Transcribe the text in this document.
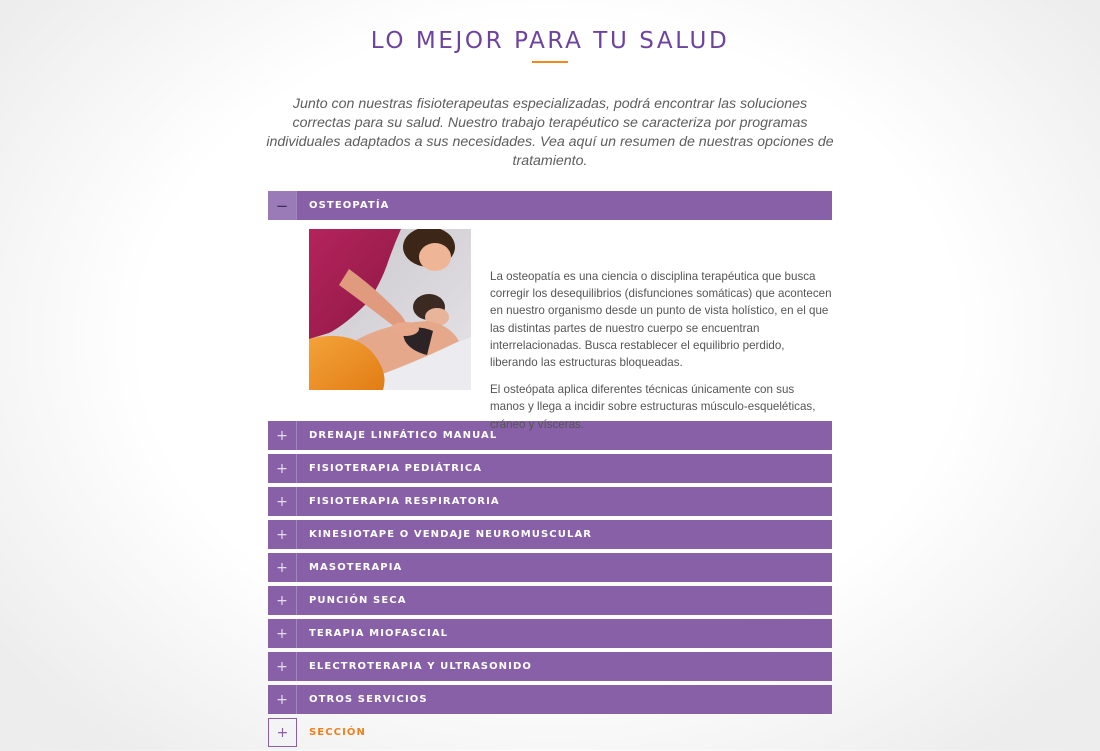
LO MEJOR PARA TU SALUD

Junto con nuestras fisioterapeutas especializadas, podrá encontrar las soluciones correctas para su salud. Nuestro trabajo terapéutico se caracteriza por programas individuales adaptados a sus necesidades. Vea aquí un resumen de nuestras opciones de tratamiento.

−	OSTEOPATÍA

La osteopatía es una ciencia o disciplina terapéutica que busca corregir los desequilibrios (disfunciones somáticas) que acontecen en nuestro organismo desde un punto de vista holístico, en el que las distintas partes de nuestro cuerpo se encuentran interrelacionadas. Busca restablecer el equilibrio perdido, liberando las estructuras bloqueadas.

El osteópata aplica diferentes técnicas únicamente con sus manos y llega a incidir sobre estructuras músculo-esqueléticas, cráneo y vísceras.

+	DRENAJE LINFÁTICO MANUAL
+	FISIOTERAPIA PEDIÁTRICA
+	FISIOTERAPIA RESPIRATORIA
+	KINESIOTAPE O VENDAJE NEUROMUSCULAR
+	MASOTERAPIA
+	PUNCIÓN SECA
+	TERAPIA MIOFASCIAL
+	ELECTROTERAPIA Y ULTRASONIDO
+	OTROS SERVICIOS
+	SECCIÓN
